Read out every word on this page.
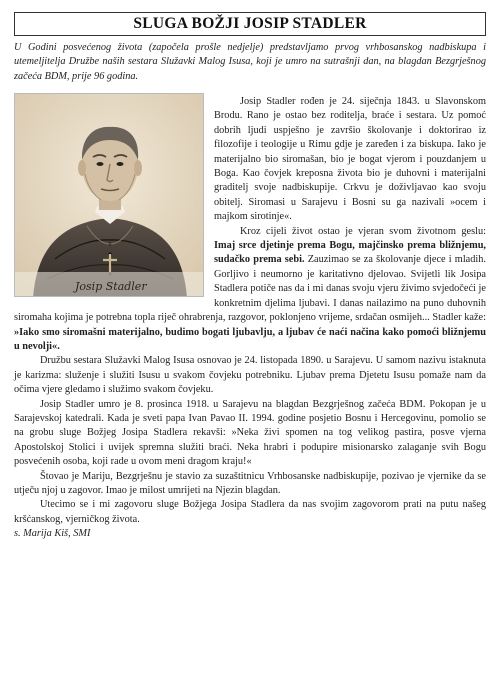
SLUGA BOŽJI JOSIP STADLER

U Godini posvećenog života (započela prošle nedjelje) predstavljamo prvog vrhbosanskog nadbiskupa i utemeljitelja Družbe naših sestara Služavki Malog Isusa, koji je umro na sutrašnji dan, na blagdan Bezgrješnog začeća BDM, prije 96 godina.

Josip Stadler

Josip Stadler rođen je 24. siječnja 1843. u Slavonskom Brodu. Rano je ostao bez roditelja, braće i sestara. Uz pomoć dobrih ljudi uspješno je završio školovanje i doktorirao iz filozofije i teologije u Rimu gdje je zaređen i za biskupa. Iako je materijalno bio siromašan, bio je bogat vjerom i pouzdanjem u Boga. Kao čovjek kreposna života bio je duhovni i materijalni graditelj svoje nadbiskupije. Crkvu je doživljavao kao svoju obitelj. Siromasi u Sarajevu i Bosni su ga nazivali »ocem i majkom sirotinje«.

Kroz cijeli život ostao je vjeran svom životnom geslu: Imaj srce djetinje prema Bogu, majčinsko prema bližnjemu, sudačko prema sebi. Zauzimao se za školovanje djece i mladih. Gorljivo i neumorno je karitativno djelovao. Svijetli lik Josipa Stadlera potiče nas da i mi danas svoju vjeru živimo svjedočeći je konkretnim djelima ljubavi. I danas nailazimo na puno duhovnih siromaha kojima je potrebna topla riječ ohrabrenja, razgovor, poklonjeno vrijeme, srdačan osmijeh... Stadler kaže: »Iako smo siromašni materijalno, budimo bogati ljubavlju, a ljubav će naći načina kako pomoći bližnjemu u nevolji«.

Družbu sestara Služavki Malog Isusa osnovao je 24. listopada 1890. u Sarajevu. U samom nazivu istaknuta je karizma: služenje i služiti Isusu u svakom čovjeku potrebniku. Ljubav prema Djetetu Isusu pomaže nam da očima vjere gledamo i služimo svakom čovjeku.

Josip Stadler umro je 8. prosinca 1918. u Sarajevu na blagdan Bezgrješnog začeća BDM. Pokopan je u Sarajevskoj katedrali. Kada je sveti papa Ivan Pavao II. 1994. godine posjetio Bosnu i Hercegovinu, pomolio se na grobu sluge Božjeg Josipa Stadlera rekavši: »Neka živi spomen na tog velikog pastira, posve vjerna Apostolskoj Stolici i uvijek spremna služiti braći. Neka hrabri i podupire misionarsko zalaganje svih Bogu posvećenih osoba, koji rade u ovom meni dragom kraju!«

Štovao je Mariju, Bezgrješnu je stavio za suzaštitnicu Vrhbosanske nadbiskupije, pozivao je vjernike da se utječu njoj u zagovor. Imao je milost umrijeti na Njezin blagdan.

Utecimo se i mi zagovoru sluge Božjega Josipa Stadlera da nas svojim zagovorom prati na putu našeg kršćanskog, vjerničkog života.

s. Marija Kiš, SMI
